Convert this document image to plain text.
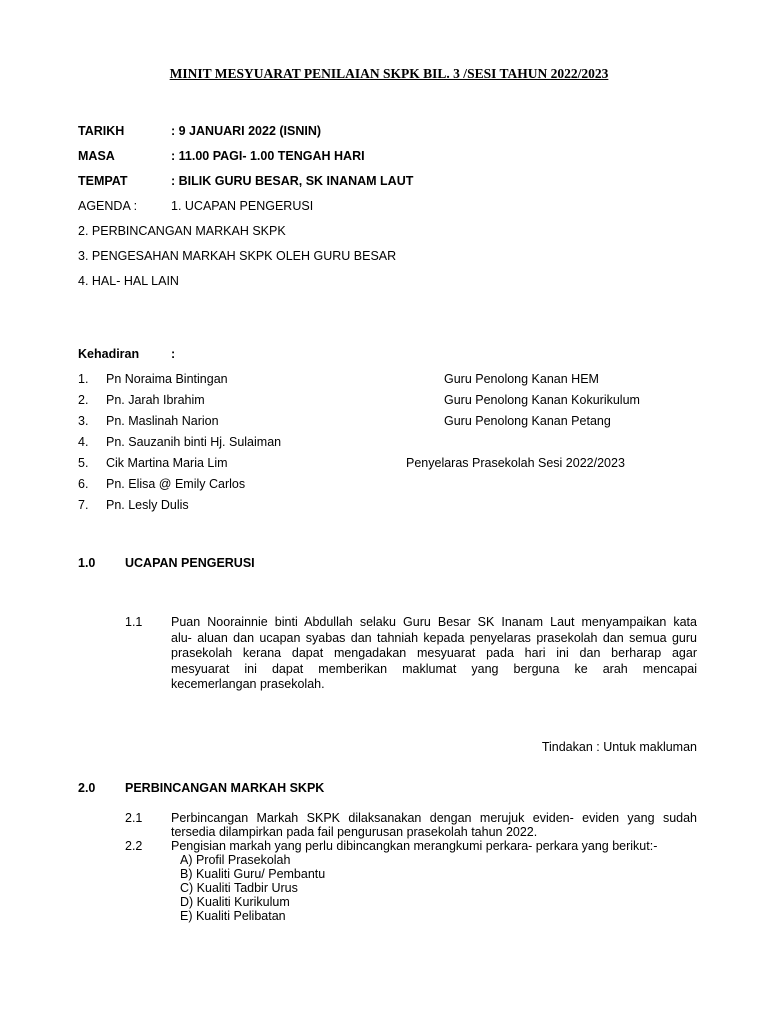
MINIT MESYUARAT PENILAIAN SKPK BIL. 3 /SESI TAHUN 2022/2023
TARIKH	: 9 JANUARI 2022 (ISNIN)
MASA	: 11.00 PAGI- 1.00 TENGAH HARI
TEMPAT	: BILIK GURU BESAR, SK INANAM LAUT
AGENDA :	1. UCAPAN PENGERUSI
2. PERBINCANGAN MARKAH SKPK
3. PENGESAHAN MARKAH SKPK OLEH GURU BESAR
4. HAL- HAL LAIN
Kehadiran	:
1. Pn Noraima Bintingan	Guru Penolong Kanan HEM
2. Pn. Jarah Ibrahim	Guru Penolong Kanan Kokurikulum
3. Pn. Maslinah Narion	Guru Penolong Kanan Petang
4. Pn. Sauzanih binti Hj. Sulaiman
5. Cik Martina Maria Lim	Penyelaras Prasekolah Sesi 2022/2023
6. Pn. Elisa @ Emily Carlos
7. Pn. Lesly Dulis
1.0 UCAPAN PENGERUSI
1.1 Puan Noorainnie binti Abdullah selaku Guru Besar SK Inanam Laut menyampaikan kata
alu- aluan dan ucapan syabas dan tahniah kepada penyelaras prasekolah dan semua guru
prasekolah kerana dapat mengadakan mesyuarat pada hari ini dan berharap agar
mesyuarat ini dapat memberikan maklumat yang berguna ke arah mencapai
kecemerlangan prasekolah.
Tindakan : Untuk makluman
2.0 PERBINCANGAN MARKAH SKPK
2.1 Perbincangan Markah SKPK dilaksanakan dengan merujuk eviden- eviden yang sudah
tersedia dilampirkan pada fail pengurusan prasekolah tahun 2022.
2.2 Pengisian markah yang perlu dibincangkan merangkumi perkara- perkara yang berikut:-
A) Profil Prasekolah
B) Kualiti Guru/ Pembantu
C) Kualiti Tadbir Urus
D) Kualiti Kurikulum
E) Kualiti Pelibatan
